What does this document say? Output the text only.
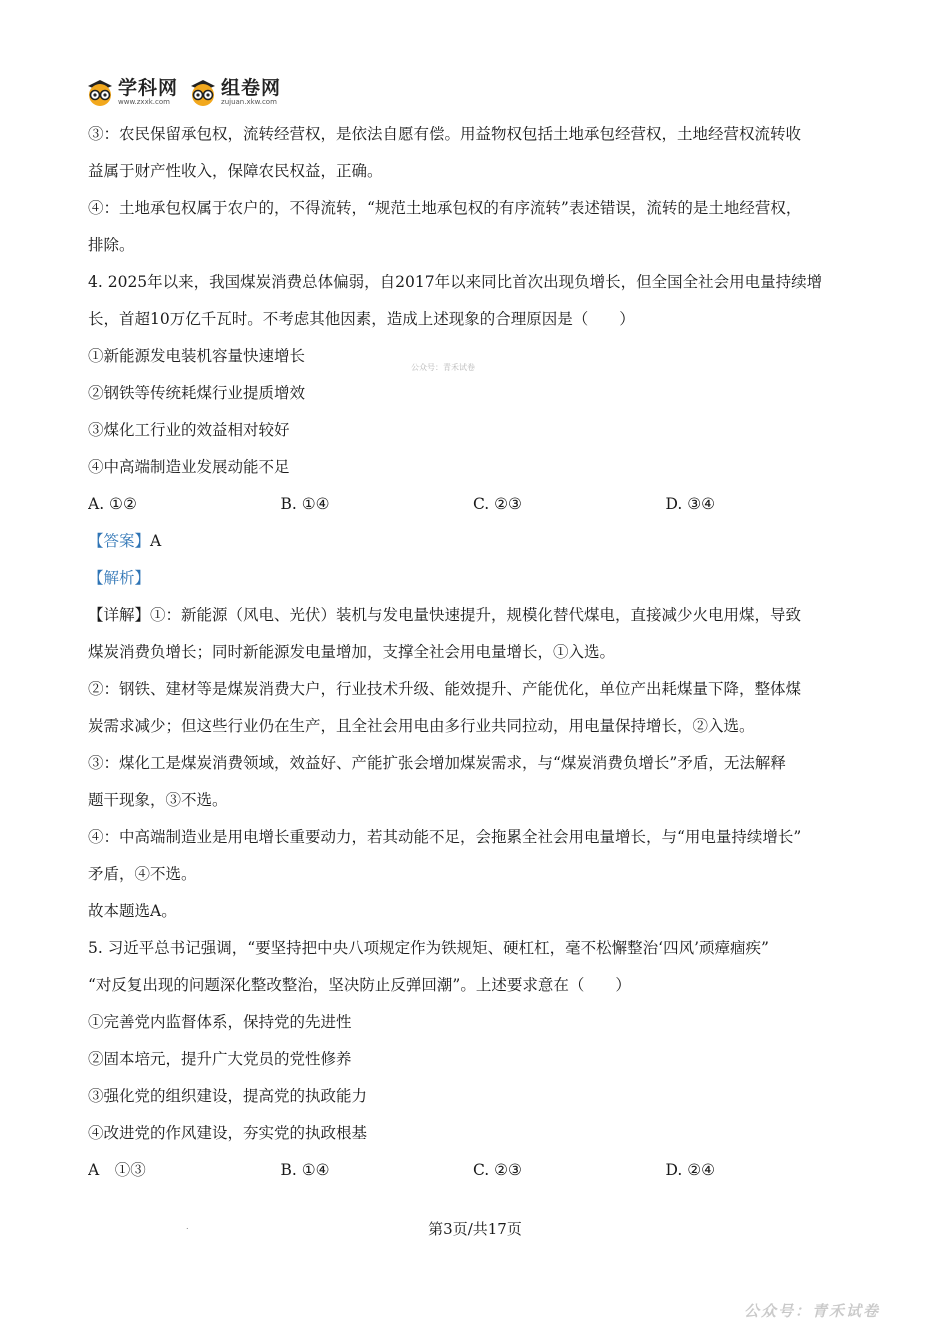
学科网
www.zxxk.com
组卷网
zujuan.xkw.com
③：农民保留承包权，流转经营权，是依法自愿有偿。用益物权包括土地承包经营权，土地经营权流转收
益属于财产性收入，保障农民权益，正确。
④：土地承包权属于农户的，不得流转，“规范土地承包权的有序流转”表述错误，流转的是土地经营权，
排除。
4. 2025年以来，我国煤炭消费总体偏弱，自2017年以来同比首次出现负增长，但全国全社会用电量持续增
长，首超10万亿千瓦时。不考虑其他因素，造成上述现象的合理原因是（　　）
①新能源发电装机容量快速增长
②钢铁等传统耗煤行业提质增效
③煤化工行业的效益相对较好
④中高端制造业发展动能不足
A. ①②	B. ①④	C. ②③	D. ③④
【答案】A
【解析】
【详解】①：新能源（风电、光伏）装机与发电量快速提升，规模化替代煤电，直接减少火电用煤，导致
煤炭消费负增长；同时新能源发电量增加，支撑全社会用电量增长，①入选。
②：钢铁、建材等是煤炭消费大户，行业技术升级、能效提升、产能优化，单位产出耗煤量下降，整体煤
炭需求减少；但这些行业仍在生产，且全社会用电由多行业共同拉动，用电量保持增长，②入选。
③：煤化工是煤炭消费领域，效益好、产能扩张会增加煤炭需求，与“煤炭消费负增长”矛盾，无法解释
题干现象，③不选。
④：中高端制造业是用电增长重要动力，若其动能不足，会拖累全社会用电量增长，与“用电量持续增长”
矛盾，④不选。
故本题选A。
5. 习近平总书记强调，“要坚持把中央八项规定作为铁规矩、硬杠杠，毫不松懈整治‘四风’顽瘴痼疾”
“对反复出现的问题深化整改整治，坚决防止反弹回潮”。上述要求意在（　　）
①完善党内监督体系，保持党的先进性
②固本培元，提升广大党员的党性修养
③强化党的组织建设，提高党的执政能力
④改进党的作风建设，夯实党的执政根基
A　①③	B. ①④	C. ②③	D. ②④
公众号：青禾试卷
.	第3页/共17页
公众号：青禾试卷
